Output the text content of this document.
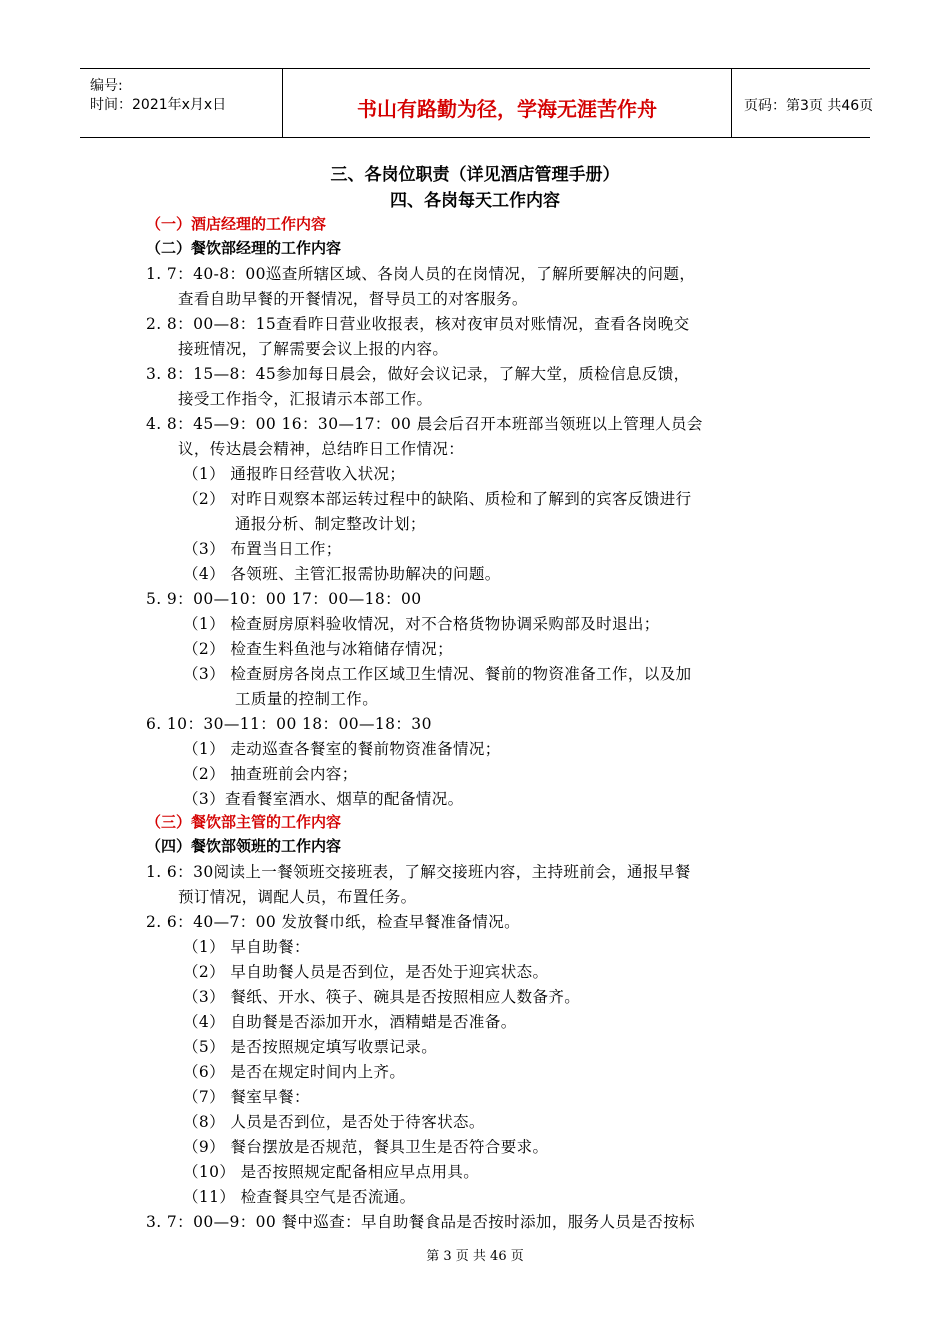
编号:
时间：2021年x月x日	书山有路勤为径，学海无涯苦作舟	页码：第3页 共46页
三、各岗位职责（详见酒店管理手册）
四、各岗每天工作内容
（一）酒店经理的工作内容
（二）餐饮部经理的工作内容
1. 7：40-8：00巡查所辖区域、各岗人员的在岗情况，了解所要解决的问题，
查看自助早餐的开餐情况，督导员工的对客服务。
2. 8：00—8：15查看昨日营业收报表，核对夜审员对账情况，查看各岗晚交
接班情况，了解需要会议上报的内容。
3. 8：15—8：45参加每日晨会，做好会议记录，了解大堂，质检信息反馈，
接受工作指令，汇报请示本部工作。
4. 8：45—9：00 16：30—17：00 晨会后召开本班部当领班以上管理人员会
议，传达晨会精神，总结昨日工作情况：
（1） 通报昨日经营收入状况；
（2） 对昨日观察本部运转过程中的缺陷、质检和了解到的宾客反馈进行
通报分析、制定整改计划；
（3） 布置当日工作；
（4） 各领班、主管汇报需协助解决的问题。
5. 9：00—10：00 17：00—18：00
（1） 检查厨房原料验收情况，对不合格货物协调采购部及时退出；
（2） 检查生料鱼池与冰箱储存情况；
（3） 检查厨房各岗点工作区域卫生情况、餐前的物资准备工作，以及加
工质量的控制工作。
6. 10：30—11：00 18：00—18：30
（1） 走动巡查各餐室的餐前物资准备情况；
（2） 抽查班前会内容；
（3）查看餐室酒水、烟草的配备情况。
（三）餐饮部主管的工作内容
（四）餐饮部领班的工作内容
1. 6：30阅读上一餐领班交接班表，了解交接班内容，主持班前会，通报早餐
预订情况，调配人员，布置任务。
2. 6：40—7：00 发放餐巾纸，检查早餐准备情况。
（1） 早自助餐：
（2） 早自助餐人员是否到位，是否处于迎宾状态。
（3） 餐纸、开水、筷子、碗具是否按照相应人数备齐。
（4） 自助餐是否添加开水，酒精蜡是否准备。
（5） 是否按照规定填写收票记录。
（6） 是否在规定时间内上齐。
（7） 餐室早餐：
（8） 人员是否到位，是否处于待客状态。
（9） 餐台摆放是否规范，餐具卫生是否符合要求。
（10） 是否按照规定配备相应早点用具。
（11） 检查餐具空气是否流通。
3. 7：00—9：00 餐中巡查：早自助餐食品是否按时添加，服务人员是否按标
第 3 页 共 46 页
